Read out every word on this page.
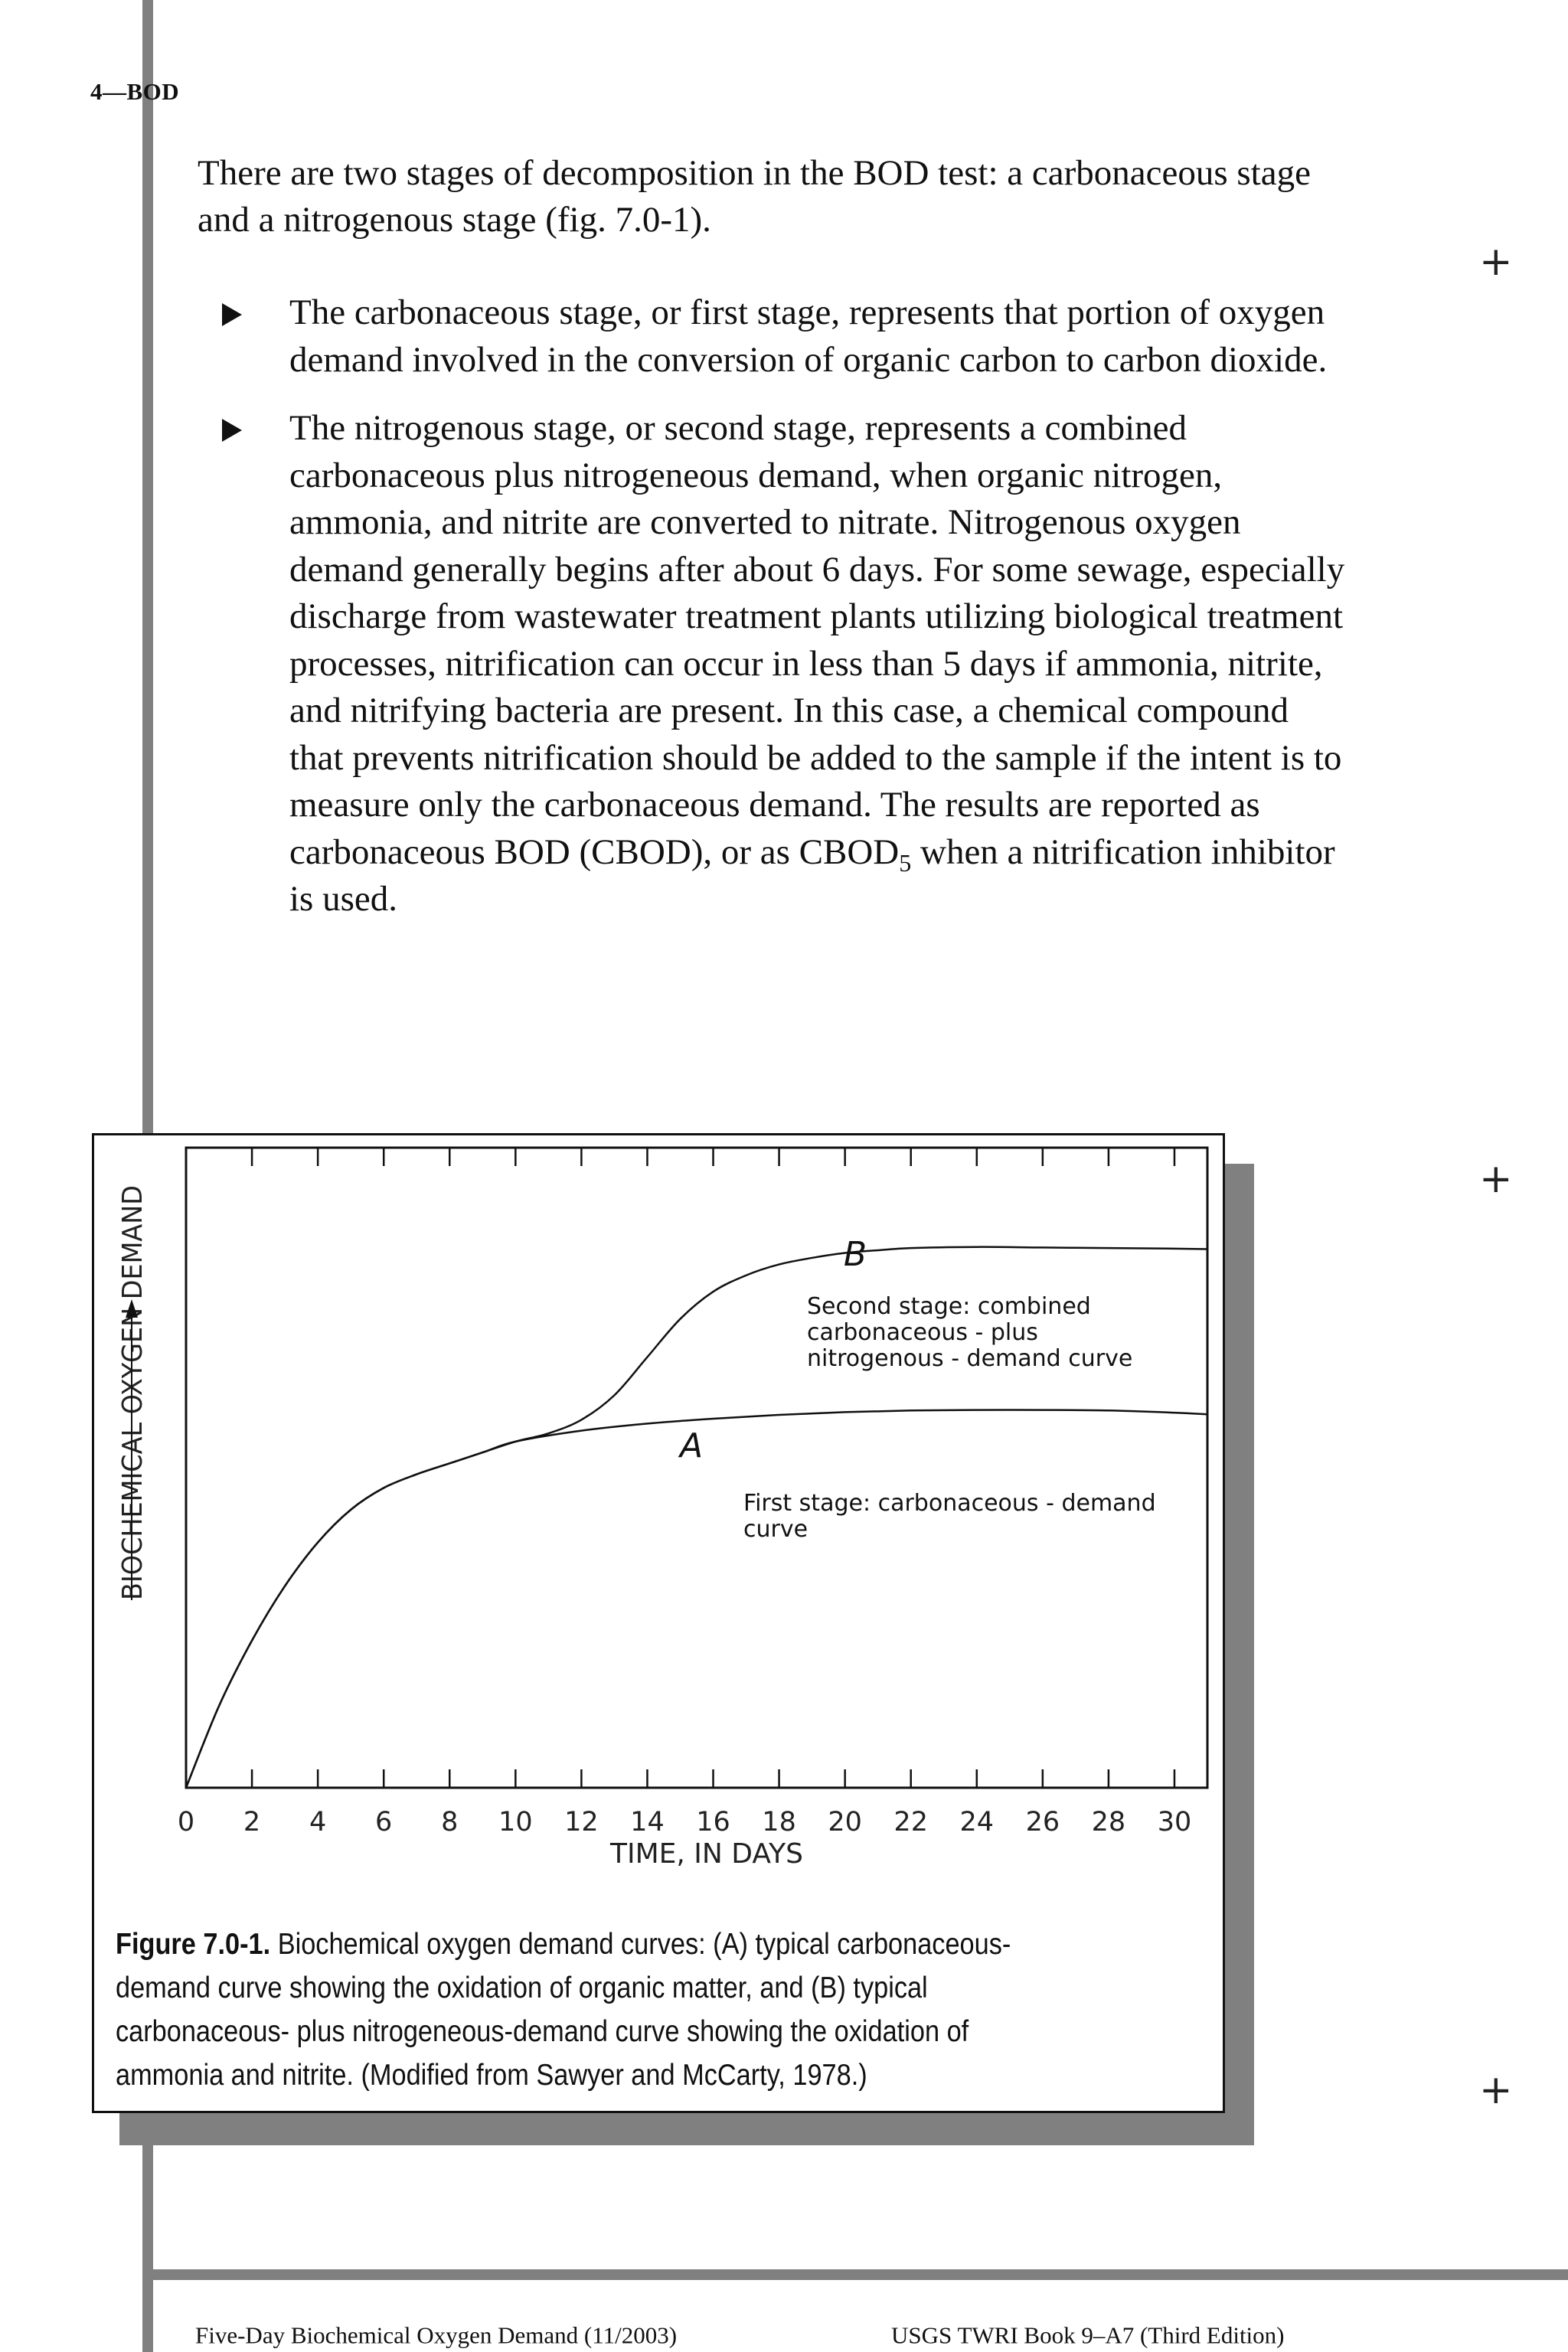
4—BOD
+
+
+

There are two stages of decomposition in the BOD test: a carbonaceous stage and a nitrogenous stage (fig. 7.0-1).

The carbonaceous stage, or first stage, represents that portion of oxygen demand involved in the conversion of organic carbon to carbon dioxide.
The nitrogenous stage, or second stage, represents a combined carbonaceous plus nitrogeneous demand, when organic nitrogen, ammonia, and nitrite are converted to nitrate. Nitrogenous oxygen demand generally begins after about 6 days. For some sewage, especially discharge from wastewater treatment plants utilizing biological treatment processes, nitrification can occur in less than 5 days if ammonia, nitrite, and nitrifying bacteria are present. In this case, a chemical compound that prevents nitrification should be added to the sample if the intent is to measure only the carbonaceous demand. The results are reported as carbonaceous BOD (CBOD), or as $CBOD_5$ when a nitrification inhibitor is used.
0 2 4 6 8 10 12 14 16 18 20 22 24 26 28 30
TIME, IN DAYS
BIOCHEMICAL OXYGEN DEMAND	B
A
Second stage: combined
carbonaceous - plus
nitrogenous - demand curve
First stage: carbonaceous - demand
curve
Figure 7.0-1. Biochemical oxygen demand curves: (A) typical carbonaceous-demand curve showing the oxidation of organic matter, and (B) typical carbonaceous- plus nitrogeneous-demand curve showing the oxidation of ammonia and nitrite. (Modified from Sawyer and McCarty, 1978.)
Five-Day Biochemical Oxygen Demand (11/2003)	USGS TWRI Book 9–A7 (Third Edition)
